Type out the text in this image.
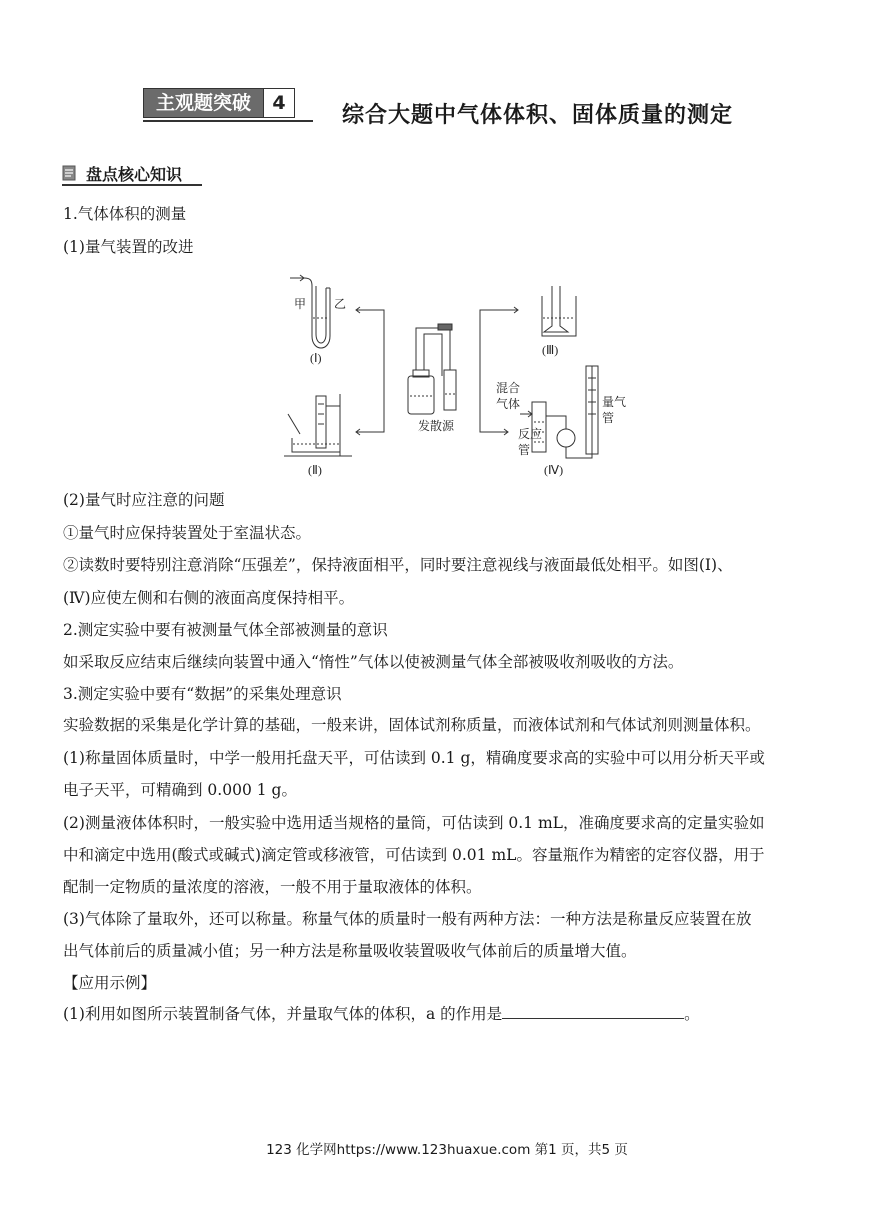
主观题突破	4	综合大题中气体体积、固体质量的测定
盘点核心知识
1.气体体积的测量
(1)量气装置的改进
甲 乙
(Ⅰ)
(Ⅱ)
发散源
(Ⅲ)
混合
气体
反应
管
量气
管
(Ⅳ)
(2)量气时应注意的问题
①量气时应保持装置处于室温状态。
②读数时要特别注意消除“压强差”，保持液面相平，同时要注意视线与液面最低处相平。如图(Ⅰ)、
(Ⅳ)应使左侧和右侧的液面高度保持相平。
2.测定实验中要有被测量气体全部被测量的意识
如采取反应结束后继续向装置中通入“惰性”气体以使被测量气体全部被吸收剂吸收的方法。
3.测定实验中要有“数据”的采集处理意识
实验数据的采集是化学计算的基础，一般来讲，固体试剂称质量，而液体试剂和气体试剂则测量体积。
(1)称量固体质量时，中学一般用托盘天平，可估读到 0.1 g，精确度要求高的实验中可以用分析天平或
电子天平，可精确到 0.000 1 g。
(2)测量液体体积时，一般实验中选用适当规格的量筒，可估读到 0.1 mL，准确度要求高的定量实验如
中和滴定中选用(酸式或碱式)滴定管或移液管，可估读到 0.01 mL。容量瓶作为精密的定容仪器，用于
配制一定物质的量浓度的溶液，一般不用于量取液体的体积。
(3)气体除了量取外，还可以称量。称量气体的质量时一般有两种方法：一种方法是称量反应装置在放
出气体前后的质量减小值；另一种方法是称量吸收装置吸收气体前后的质量增大值。
【应用示例】
(1)利用如图所示装置制备气体，并量取气体的体积，a 的作用是	。
123 化学网https://www.123huaxue.com 第1 页，共5 页
